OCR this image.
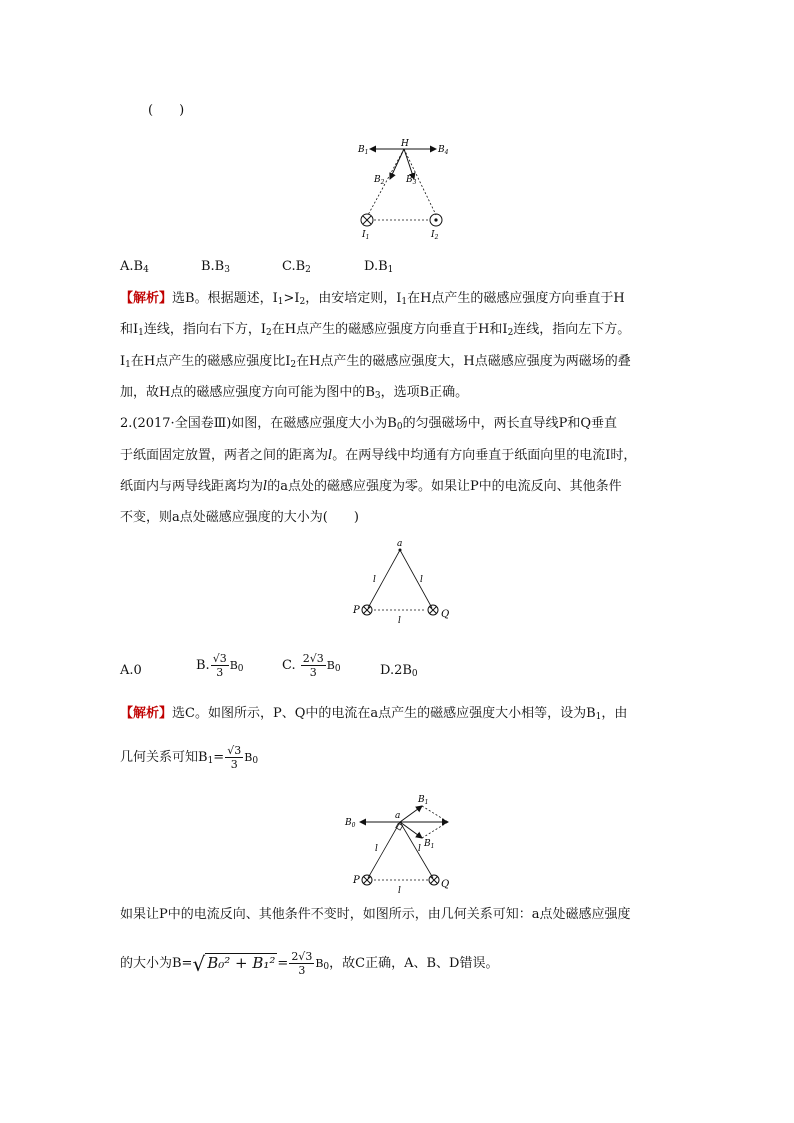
(　　)
H
$B_1$	$B_4$
$B_2$ $B_3$
$I_1$	$I_2$
$A.B_4$	$B.B_3$	$C.B_2$	$D.B_1$
【解析】选B。根据题述，$I_1>I_2$，由安培定则，$I_1$在H点产生的磁感应强度方向垂直于H
和$I_1$连线，指向右下方，$I_2$在H点产生的磁感应强度方向垂直于H和$I_2$连线，指向左下方。
$I_1$在H点产生的磁感应强度比$I_2$在H点产生的磁感应强度大，H点磁感应强度为两磁场的叠
加，故H点的磁感应强度方向可能为图中的$B_3$，选项B正确。
2.(2017·全国卷Ⅲ)如图，在磁感应强度大小为$B_0$的匀强磁场中，两长直导线P和Q垂直
于纸面固定放置，两者之间的距离为l。在两导线中均通有方向垂直于纸面向里的电流I时，
纸面内与两导线距离均为l的a点处的磁感应强度为零。如果让P中的电流反向、其他条件
不变，则a点处磁感应强度的大小为(　　)
a
l	l
l
P	Q
A.0	B. $\frac{√3}{3} B_0$	C. $\frac{2√3}{3} B_0$	$D.2B_0$
【解析】选C。如图所示，P、Q中的电流在a点产生的磁感应强度大小相等，设为$B_1$，由
几何关系可知$B_1= \frac{√3}{3} B_0$
$B_0$
$B_1$
$B_1$
a
l	l
l
P	Q
如果让P中的电流反向、其他条件不变时，如图所示，由几何关系可知：a点处磁感应强度
的大小为B=√ $B_0^2 + B_1^2 = \frac{2√3}{3} B_0$，故C正确，A、B、D错误。
